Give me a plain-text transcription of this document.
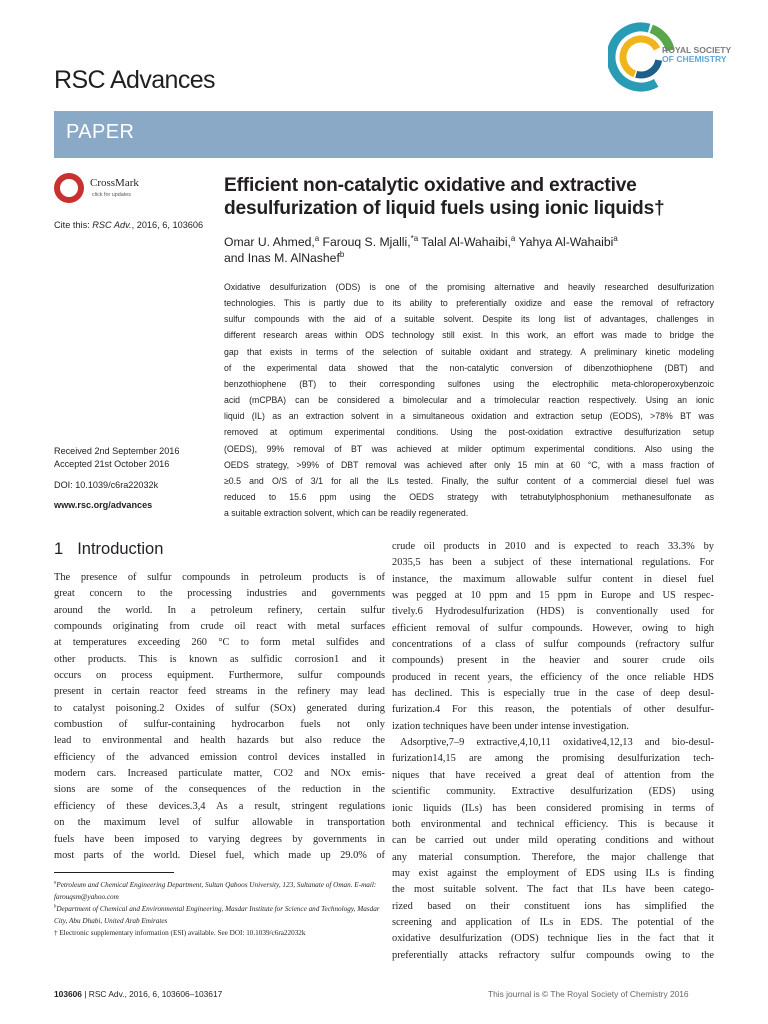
RSC Advances
ROYAL SOCIETY
OF CHEMISTRY
PAPER
CrossMark
click for updates
Cite this: RSC Adv., 2016, 6, 103606
Efficient non-catalytic oxidative and extractive desulfurization of liquid fuels using ionic liquids†
Omar U. Ahmed,$^a$ Farouq S. Mjalli,$^{*a}$ Talal Al-Wahaibi,$^a$ Yahya Al-Wahaibi$^a$
and Inas M. AlNashef$^b$
Oxidative desulfurization (ODS) is one of the promising alternative and heavily researched desulfurization
technologies. This is partly due to its ability to preferentially oxidize and ease the removal of refractory
sulfur compounds with the aid of a suitable solvent. Despite its long list of advantages, challenges in
different research areas within ODS technology still exist. In this work, an effort was made to bridge the
gap that exists in terms of the selection of suitable oxidant and strategy. A preliminary kinetic modeling
of the experimental data showed that the non-catalytic conversion of dibenzothiophene (DBT) and
benzothiophene (BT) to their corresponding sulfones using the electrophilic meta-chloroperoxybenzoic
acid (mCPBA) can be considered a bimolecular and a trimolecular reaction respectively. Using an ionic
liquid (IL) as an extraction solvent in a simultaneous oxidation and extraction setup (EODS), >78% BT was
removed at optimum experimental conditions. Using the post-oxidation extractive desulfurization setup
(OEDS), 99% removal of BT was achieved at milder optimum experimental conditions. Also using the
OEDS strategy, >99% of DBT removal was achieved after only 15 min at 60 °C, with a mass fraction of
≥0.5 and O/S of 3/1 for all the ILs tested. Finally, the sulfur content of a commercial diesel fuel was
reduced to 15.6 ppm using the OEDS strategy with tetrabutylphosphonium methanesulfonate as
a suitable extraction solvent, which can be readily regenerated.
Received 2nd September 2016
Accepted 21st October 2016
DOI: 10.1039/c6ra22032k
www.rsc.org/advances
1 Introduction
The presence of sulfur compounds in petroleum products is of
great concern to the processing industries and governments
around the world. In a petroleum refinery, certain sulfur
compounds originating from crude oil react with metal surfaces
at temperatures exceeding 260 °C to form metal sulfides and
other products. This is known as sulfidic corrosion1 and it
occurs on process equipment. Furthermore, sulfur compounds
present in certain reactor feed streams in the refinery may lead
to catalyst poisoning.2 Oxides of sulfur (SOx) generated during
combustion of sulfur-containing hydrocarbon fuels not only
lead to environmental and health hazards but also reduce the
efficiency of the advanced emission control devices installed in
modern cars. Increased particulate matter, CO2 and NOx emis-
sions are some of the consequences of the reduction in the
efficiency of these devices.3,4 As a result, stringent regulations
on the maximum level of sulfur allowable in transportation
fuels have been imposed to varying degrees by governments in
most parts of the world. Diesel fuel, which made up 29.0% of
crude oil products in 2010 and is expected to reach 33.3% by
2035,5 has been a subject of these international regulations. For
instance, the maximum allowable sulfur content in diesel fuel
was pegged at 10 ppm and 15 ppm in Europe and US respec-
tively.6 Hydrodesulfurization (HDS) is conventionally used for
efficient removal of sulfur compounds. However, owing to high
concentrations of a class of sulfur compounds (refractory sulfur
compounds) present in the heavier and sourer crude oils
produced in recent years, the efficiency of the once reliable HDS
has declined. This is especially true in the case of deep desul-
furization.4 For this reason, the potentials of other desulfur-
ization techniques have been under intense investigation.
Adsorptive,7–9 extractive,4,10,11 oxidative4,12,13 and bio-desul-
furization14,15 are among the promising desulfurization tech-
niques that have received a great deal of attention from the
scientific community. Extractive desulfurization (EDS) using
ionic liquids (ILs) has been considered promising in terms of
both environmental and technical efficiency. This is because it
can be carried out under mild operating conditions and without
any material consumption. Therefore, the major challenge that
may exist against the employment of EDS using ILs is finding
the most suitable solvent. The fact that ILs have been catego-
rized based on their constituent ions has simplified the
screening and application of ILs in EDS. The potential of the
oxidative desulfurization (ODS) technique lies in the fact that it
preferentially attacks refractory sulfur compounds owing to the
$^a$Petroleum and Chemical Engineering Department, Sultan Qaboos University, 123, Sultanate of Oman. E-mail: farouqsm@yahoo.com
$^b$Department of Chemical and Environmental Engineering, Masdar Institute for Science and Technology, Masdar City, Abu Dhabi, United Arab Emirates
† Electronic supplementary information (ESI) available. See DOI: 10.1039/c6ra22032k
103606 | RSC Adv., 2016, 6, 103606–103617	This journal is © The Royal Society of Chemistry 2016
